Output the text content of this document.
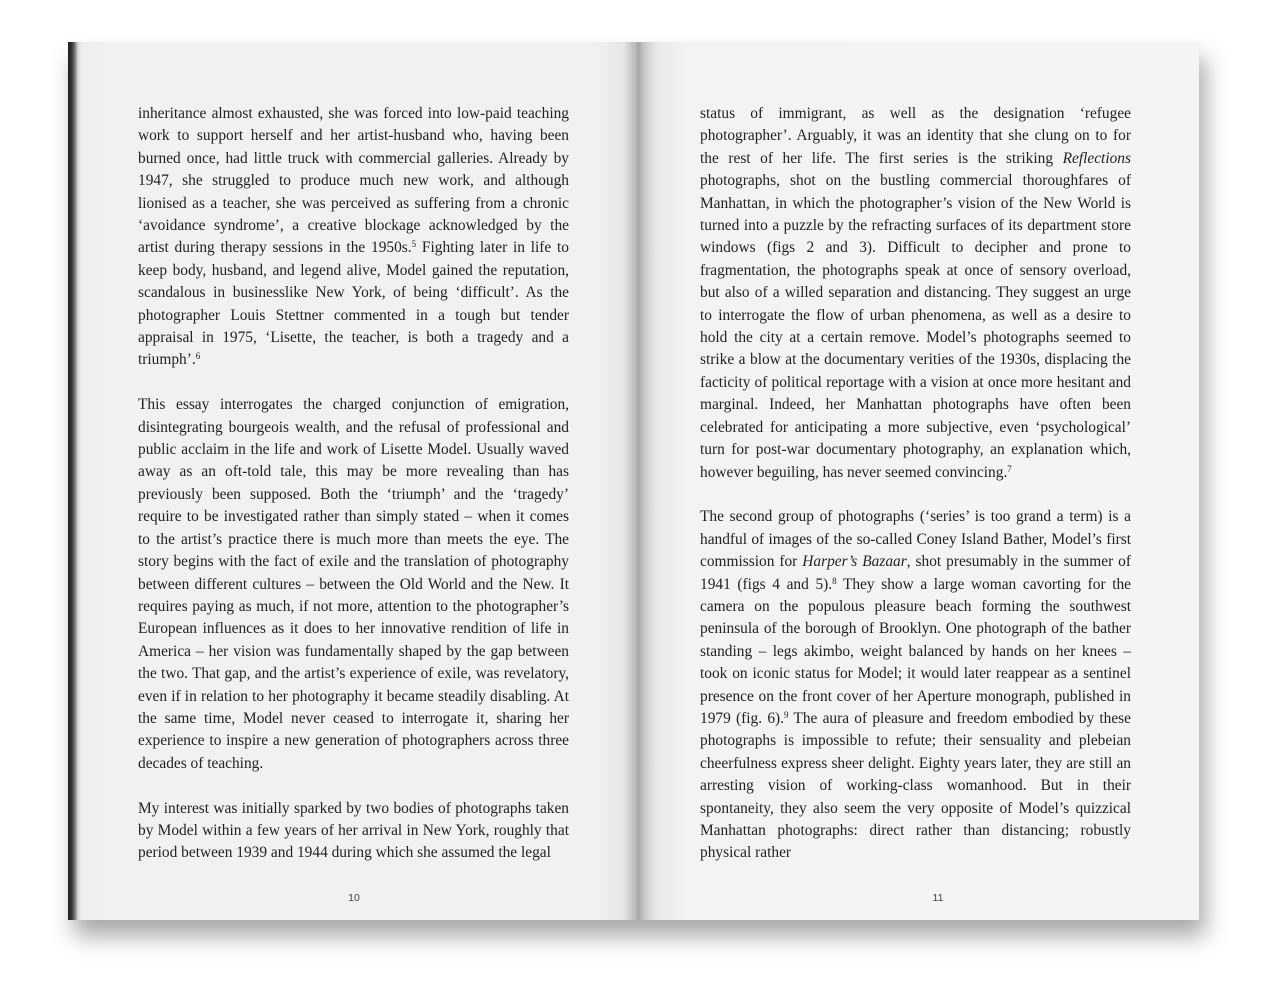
inheritance almost exhausted, she was forced into low-paid teaching work to support herself and her artist-husband who, having been burned once, had little truck with commercial galleries. Already by 1947, she struggled to produce much new work, and although lionised as a teacher, she was perceived as suffering from a chronic ‘avoidance syndrome’, a creative blockage acknowledged by the artist during therapy sessions in the 1950s.$^5$ Fighting later in life to keep body, husband, and legend alive, Model gained the reputation, scandalous in businesslike New York, of being ‘difficult’. As the photographer Louis Stettner commented in a tough but tender appraisal in 1975, ‘Lisette, the teacher, is both a tragedy and a triumph’.$^6$

This essay interrogates the charged conjunction of emigration, disintegrating bourgeois wealth, and the refusal of professional and public acclaim in the life and work of Lisette Model. Usually waved away as an oft-told tale, this may be more revealing than has previously been supposed. Both the ‘triumph’ and the ‘tragedy’ require to be investigated rather than simply stated – when it comes to the artist’s practice there is much more than meets the eye. The story begins with the fact of exile and the translation of photography between different cultures – between the Old World and the New. It requires paying as much, if not more, attention to the photographer’s European influences as it does to her innovative rendition of life in America – her vision was fundamentally shaped by the gap between the two. That gap, and the artist’s experience of exile, was revelatory, even if in relation to her photography it became steadily disabling. At the same time, Model never ceased to interrogate it, sharing her experience to inspire a new generation of photographers across three decades of teaching.

My interest was initially sparked by two bodies of photographs taken by Model within a few years of her arrival in New York, roughly that period between 1939 and 1944 during which she assumed the legal

10

status of immigrant, as well as the designation ‘refugee photographer’. Arguably, it was an identity that she clung on to for the rest of her life. The first series is the striking Reflections photographs, shot on the bustling commercial thoroughfares of Manhattan, in which the photographer’s vision of the New World is turned into a puzzle by the refracting surfaces of its department store windows (figs 2 and 3). Difficult to decipher and prone to fragmentation, the photographs speak at once of sensory overload, but also of a willed separation and distancing. They suggest an urge to interrogate the flow of urban phenomena, as well as a desire to hold the city at a certain remove. Model’s photographs seemed to strike a blow at the documentary verities of the 1930s, displacing the facticity of political reportage with a vision at once more hesitant and marginal. Indeed, her Manhattan photographs have often been celebrated for anticipating a more subjective, even ‘psychological’ turn for post-war documentary photography, an explanation which, however beguiling, has never seemed convincing.$^7$

The second group of photographs (‘series’ is too grand a term) is a handful of images of the so-called Coney Island Bather, Model’s first commission for Harper’s Bazaar, shot presumably in the summer of 1941 (figs 4 and 5).$^8$ They show a large woman cavorting for the camera on the populous pleasure beach forming the southwest peninsula of the borough of Brooklyn. One photograph of the bather standing – legs akimbo, weight balanced by hands on her knees – took on iconic status for Model; it would later reappear as a sentinel presence on the front cover of her Aperture monograph, published in 1979 (fig. 6).$^9$ The aura of pleasure and freedom embodied by these photographs is impossible to refute; their sensuality and plebeian cheerfulness express sheer delight. Eighty years later, they are still an arresting vision of working-class womanhood. But in their spontaneity, they also seem the very opposite of Model’s quizzical Manhattan photographs: direct rather than distancing; robustly physical rather

11
